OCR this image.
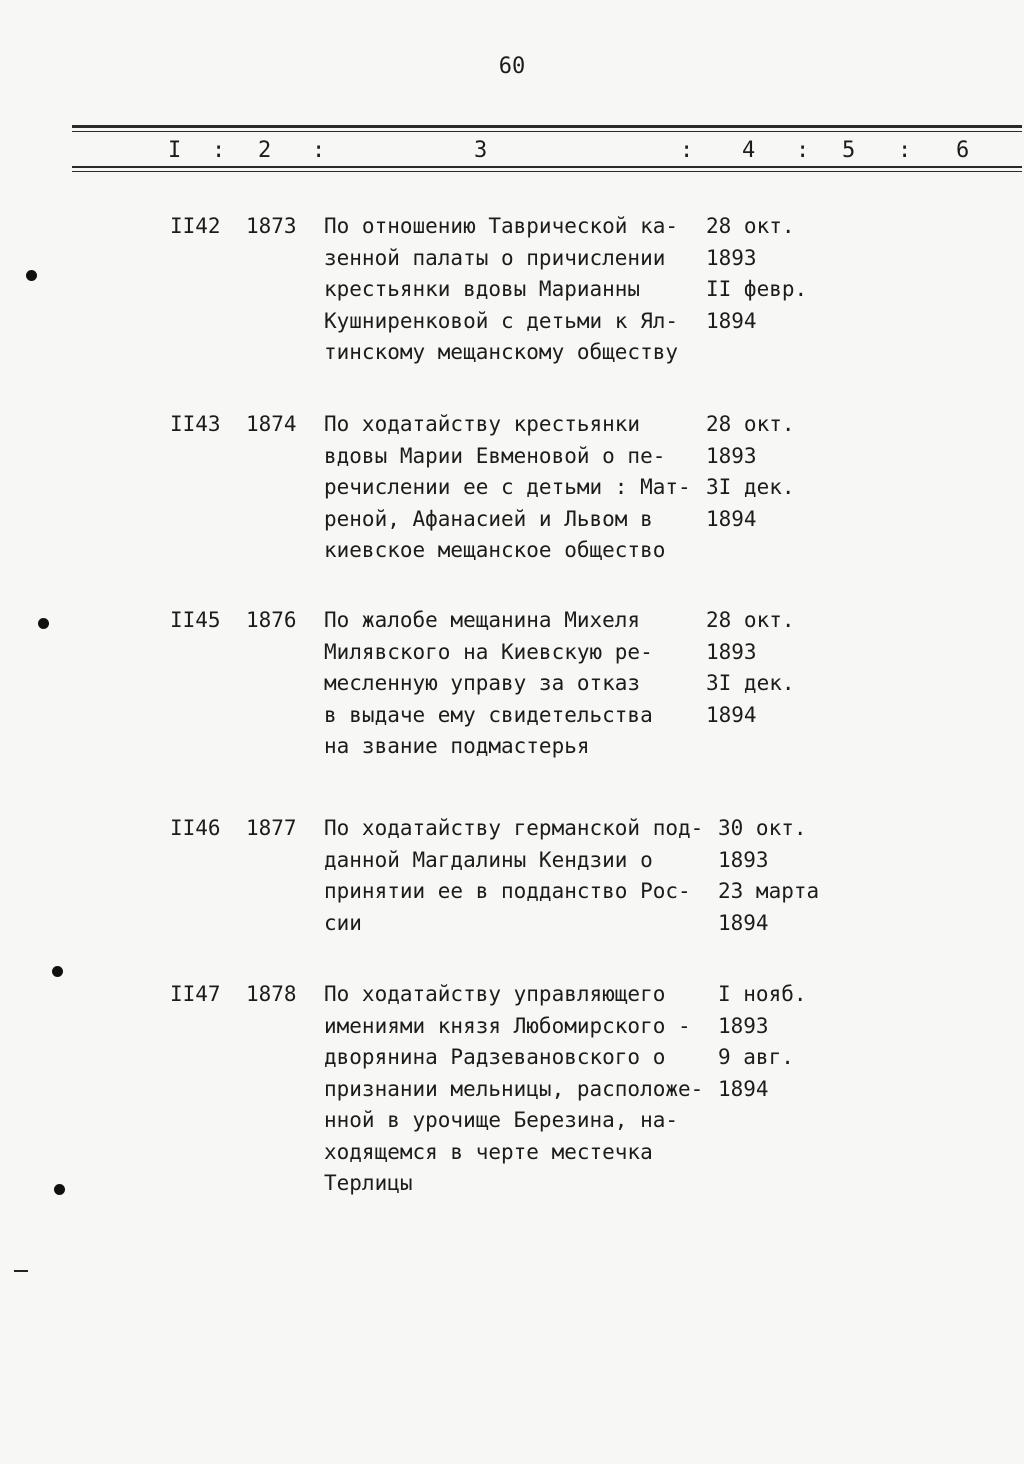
60
I : 2 :	3	: 4 : 5 : 6
II42 1873 По отношению Таврической ка-
зенной палаты о причислении
крестьянки вдовы Марианны
Кушниренковой с детьми к Ял-
тинскому мещанскому обществу
28 окт.
1893
II февр.
1894
II43 1874 По ходатайству крестьянки
вдовы Марии Евменовой о пе-
речислении ее с детьми : Мат-
реной, Афанасией и Львом в
киевское мещанское общество
28 окт.
1893
3I дек.
1894
II45 1876 По жалобе мещанина Михеля
Милявского на Киевскую ре-
месленную управу за отказ
в выдаче ему свидетельства
на звание подмастерья
28 окт.
1893
3I дек.
1894
II46 1877 По ходатайству германской под-
данной Магдалины Кендзии о
принятии ее в подданство Рос-
сии
30 окт.
1893
23 марта
1894
II47 1878 По ходатайству управляющего
имениями князя Любомирского -
дворянина Радзевановского о
признании мельницы, расположе-
нной в урочище Березина, на-
ходящемся в черте местечка
Терлицы
I нояб.
1893
9 авг.
1894
